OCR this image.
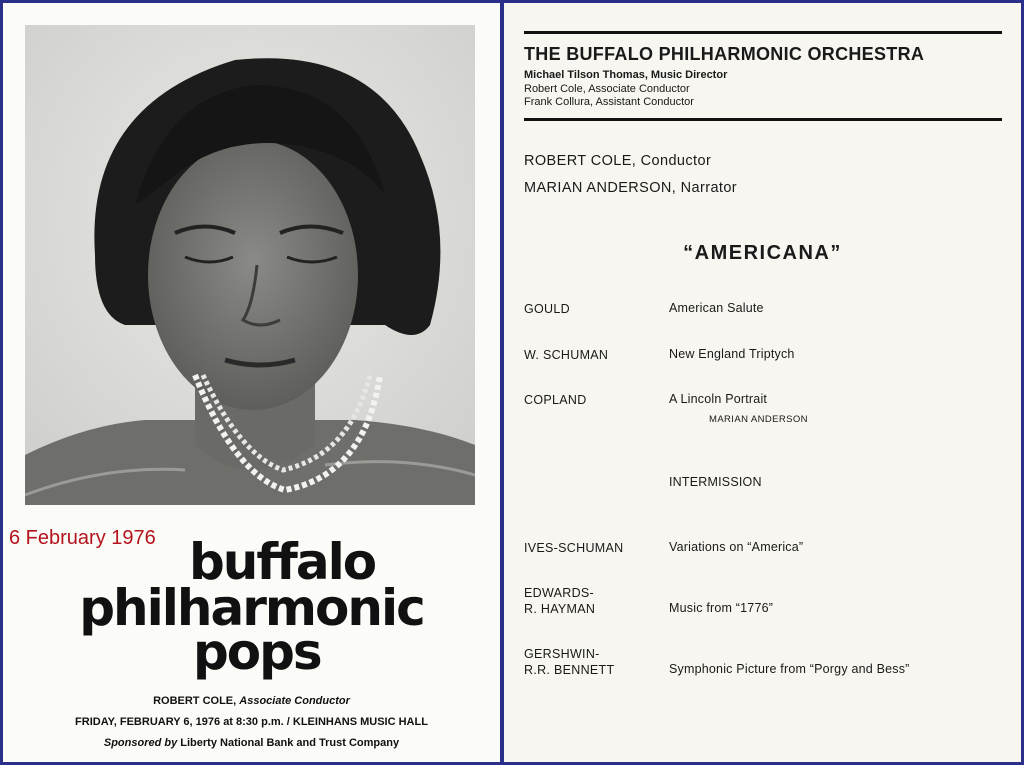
6 February 1976 buffalo
philharmonic
pops
ROBERT COLE, Associate Conductor
FRIDAY, FEBRUARY 6, 1976 at 8:30 p.m. / KLEINHANS MUSIC HALL
Sponsored by Liberty National Bank and Trust Company
THE BUFFALO PHILHARMONIC ORCHESTRA
Michael Tilson Thomas, Music Director
Robert Cole, Associate Conductor
Frank Collura, Assistant Conductor
ROBERT COLE, Conductor
MARIAN ANDERSON, Narrator
“AMERICANA”
GOULD	American Salute
W. SCHUMAN	New England Triptych
COPLAND	A Lincoln Portrait
MARIAN ANDERSON
INTERMISSION
IVES-SCHUMAN	Variations on “America”
EDWARDS-
R. HAYMAN	Music from “1776”
GERSHWIN-
R.R. BENNETT	Symphonic Picture from “Porgy and Bess”
